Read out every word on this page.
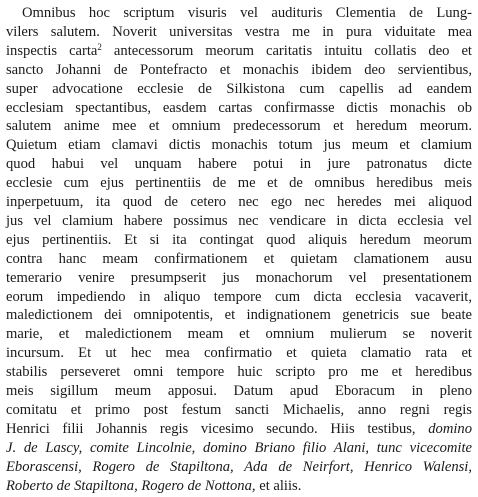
Omnibus hoc scriptum visuris vel audituris Clementia de Lung-
vilers salutem. Noverit universitas vestra me in pura viduitate mea
inspectis carta$^2$ antecessorum meorum caritatis intuitu collatis deo et
sancto Johanni de Pontefracto et monachis ibidem deo servientibus,
super advocatione ecclesie de Silkistona cum capellis ad eandem
ecclesiam spectantibus, easdem cartas confirmasse dictis monachis ob
salutem anime mee et omnium predecessorum et heredum meorum.
Quietum etiam clamavi dictis monachis totum jus meum et clamium
quod habui vel unquam habere potui in jure patronatus dicte
ecclesie cum ejus pertinentiis de me et de omnibus heredibus meis
inperpetuum, ita quod de cetero nec ego nec heredes mei aliquod
jus vel clamium habere possimus nec vendicare in dicta ecclesia vel
ejus pertinentiis. Et si ita contingat quod aliquis heredum meorum
contra hanc meam confirmationem et quietam clamationem ausu
temerario venire presumpserit jus monachorum vel presentationem
eorum impediendo in aliquo tempore cum dicta ecclesia vacaverit,
maledictionem dei omnipotentis, et indignationem genetricis sue beate
marie, et maledictionem meam et omnium mulierum se noverit
incursum. Et ut hec mea confirmatio et quieta clamatio rata et
stabilis perseveret omni tempore huic scripto pro me et heredibus
meis sigillum meum apposui. Datum apud Eboracum in pleno
comitatu et primo post festum sancti Michaelis, anno regni regis
Henrici filii Johannis regis vicesimo secundo. Hiis testibus, domino
J. de Lascy, comite Lincolnie, domino Briano filio Alani, tunc vicecomite
Eborascensi, Rogero de Stapiltona, Ada de Neirfort, Henrico Walensi,
Roberto de Stapiltona, Rogero de Nottona, et aliis.
